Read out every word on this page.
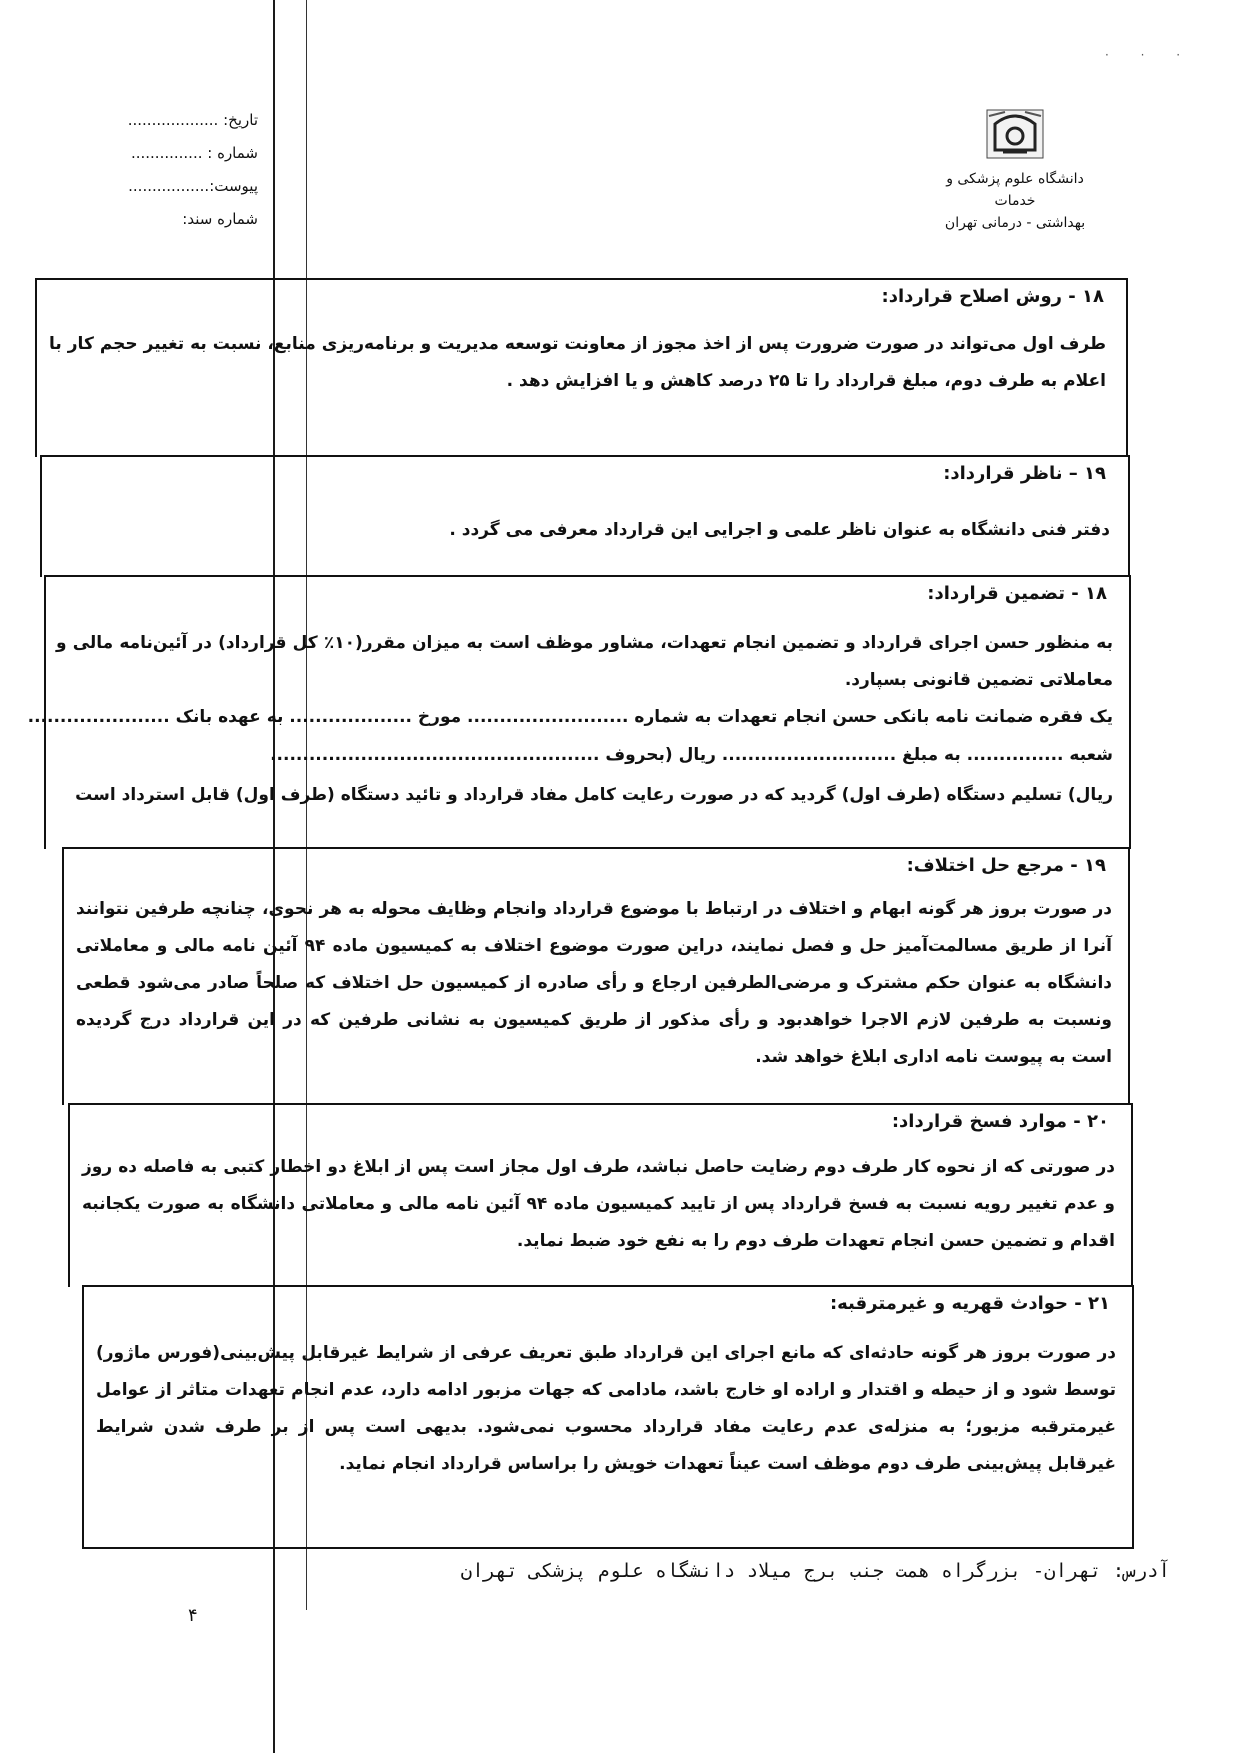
· · ·
تاریخ: ...................
شماره : ...............
پیوست:.................
شماره سند:
دانشگاه علوم پزشکی و خدمات
بهداشتی - درمانی تهران
۱۸ - روش اصلاح قرارداد:
طرف اول می‌تواند در صورت ضرورت پس از اخذ مجوز از معاونت توسعه مدیریت و برنامه‌ریزی منابع، نسبت به تغییر حجم کار با اعلام به طرف دوم، مبلغ قرارداد را تا ۲۵ درصد کاهش و یا افزایش دهد .
۱۹ – ناظر قرارداد:
دفتر فنی دانشگاه به عنوان ناظر علمی و اجرایی این قرارداد معرفی می گردد .
۱۸ - تضمین قرارداد:
به منظور حسن اجرای قرارداد و تضمین انجام تعهدات، مشاور موظف است به میزان مقرر(۱۰٪ کل قرارداد) در آئین‌نامه مالی و معاملاتی تضمین قانونی بسپارد.
یک فقره ضمانت نامه بانکی حسن انجام تعهدات به شماره ......................... مورخ ................... به عهده بانک ......................
شعبه ............... به مبلغ ........................... ریال (بحروف ...................................................
ریال) تسلیم دستگاه (طرف اول) گردید که در صورت رعایت کامل مفاد قرارداد و تائید دستگاه (طرف اول) قابل استرداد است
۱۹ - مرجع حل اختلاف:
در صورت بروز هر گونه ابهام و اختلاف در ارتباط با موضوع قرارداد وانجام وظایف محوله به هر نحوی، چنانچه طرفین نتوانند آنرا از طریق مسالمت‌آمیز حل و فصل نمایند، دراین صورت موضوع اختلاف به کمیسیون ماده ۹۴ آئین نامه مالی و معاملاتی دانشگاه به عنوان حکم مشترک و مرضی‌الطرفین ارجاع و رأی صادره از کمیسیون حل اختلاف که صلحاً صادر می‌شود قطعی ونسبت به طرفین لازم الاجرا خواهدبود و رأی مذکور از طریق کمیسیون به نشانی طرفین که در این قرارداد درج گردیده است به پیوست نامه اداری ابلاغ خواهد شد.
۲۰ - موارد فسخ قرارداد:
در صورتی که از نحوه کار طرف دوم رضایت حاصل نباشد، طرف اول مجاز است پس از ابلاغ دو اخطار کتبی به فاصله ده روز و عدم تغییر رویه نسبت به فسخ قرارداد پس از تایید کمیسیون ماده ۹۴ آئین نامه مالی و معاملاتی دانشگاه به صورت یکجانبه اقدام و تضمین حسن انجام تعهدات طرف دوم را به نفع خود ضبط نماید.
۲۱ - حوادث قهریه و غیرمترقبه:
در صورت بروز هر گونه حادثه‌ای که مانع اجرای این قرارداد طبق تعریف عرفی از شرایط غیرقابل پیش‌بینی(فورس ماژور) توسط شود و از حیطه و اقتدار و اراده او خارج باشد، مادامی که جهات مزبور ادامه دارد، عدم انجام تعهدات متاثر از عوامل غیرمترقبه مزبور؛ به منزله‌ی عدم رعایت مفاد قرارداد محسوب نمی‌شود. بدیهی است پس از بر طرف شدن شرایط غیرقابل پیش‌بینی طرف دوم موظف است عیناً تعهدات خویش را براساس قرارداد انجام نماید.
آدرس: تهران- بزرگراه همت جنب برج میلاد دانشگاه علوم پزشکی تهران
۴
